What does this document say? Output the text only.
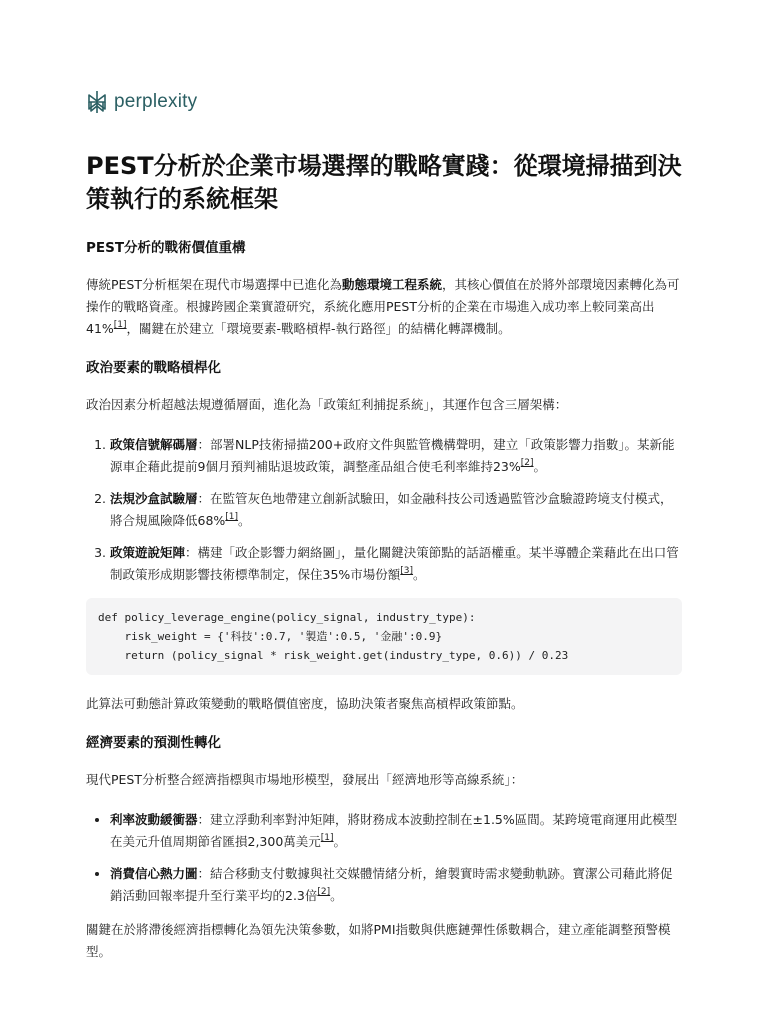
perplexity
PEST分析於企業市場選擇的戰略實踐：從環境掃描到決策執行的系統框架
PEST分析的戰術價值重構

傳統PEST分析框架在現代市場選擇中已進化為動態環境工程系統，其核心價值在於將外部環境因素轉化為可操作的戰略資產。根據跨國企業實證研究，系統化應用PEST分析的企業在市場進入成功率上較同業高出41%[1]，關鍵在於建立「環境要素-戰略槓桿-執行路徑」的結構化轉譯機制。

政治要素的戰略槓桿化

政治因素分析超越法規遵循層面，進化為「政策紅利捕捉系統」，其運作包含三層架構：

1. 政策信號解碼層：部署NLP技術掃描200+政府文件與監管機構聲明，建立「政策影響力指數」。某新能源車企藉此提前9個月預判補貼退坡政策，調整產品組合使毛利率維持23%[2]。
2. 法規沙盒試驗層：在監管灰色地帶建立創新試驗田，如金融科技公司透過監管沙盒驗證跨境支付模式，將合規風險降低68%[1]。
3. 政策遊說矩陣：構建「政企影響力網絡圖」，量化關鍵決策節點的話語權重。某半導體企業藉此在出口管制政策形成期影響技術標準制定，保住35%市場份額[3]。
def policy_leverage_engine(policy_signal, industry_type):
risk_weight = {'科技':0.7, '製造':0.5, '金融':0.9}
return (policy_signal * risk_weight.get(industry_type, 0.6)) / 0.23

此算法可動態計算政策變動的戰略價值密度，協助決策者聚焦高槓桿政策節點。

經濟要素的預測性轉化

現代PEST分析整合經濟指標與市場地形模型，發展出「經濟地形等高線系統」：

• 利率波動緩衝器：建立浮動利率對沖矩陣，將財務成本波動控制在±1.5%區間。某跨境電商運用此模型在美元升值周期節省匯損2,300萬美元[1]。
• 消費信心熱力圖：結合移動支付數據與社交媒體情緒分析，繪製實時需求變動軌跡。寶潔公司藉此將促銷活動回報率提升至行業平均的2.3倍[2]。

關鍵在於將滯後經濟指標轉化為領先決策參數，如將PMI指數與供應鏈彈性係數耦合，建立產能調整預警模型。
